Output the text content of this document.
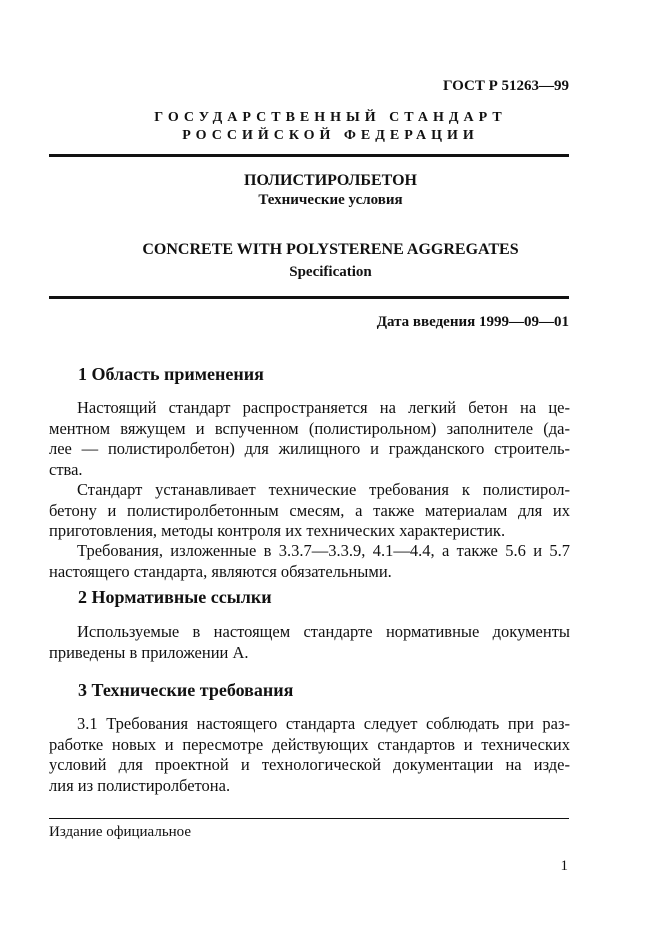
ГОСТ Р 51263—99
ГОСУДАРСТВЕННЫЙ СТАНДАРТ
РОССИЙСКОЙ ФЕДЕРАЦИИ
ПОЛИСТИРОЛБЕТОН
Технические условия
CONCRETE WITH POLYSTERENE AGGREGATES
Specification
Дата введения 1999—09—01
1 Область применения
Настоящий стандарт распространяется на легкий бетон на це-
ментном вяжущем и вспученном (полистирольном) заполнителе (да-
лее — полистиролбетон) для жилищного и гражданского строитель-
ства.
Стандарт устанавливает технические требования к полистирол-
бетону и полистиролбетонным смесям, а также материалам для их
приготовления, методы контроля их технических характеристик.
Требования, изложенные в 3.3.7—3.3.9, 4.1—4.4, а также 5.6 и 5.7
настоящего стандарта, являются обязательными.
2 Нормативные ссылки
Используемые в настоящем стандарте нормативные документы
приведены в приложении А.
3 Технические требования
3.1 Требования настоящего стандарта следует соблюдать при раз-
работке новых и пересмотре действующих стандартов и технических
условий для проектной и технологической документации на изде-
лия из полистиролбетона.
Издание официальное
1
